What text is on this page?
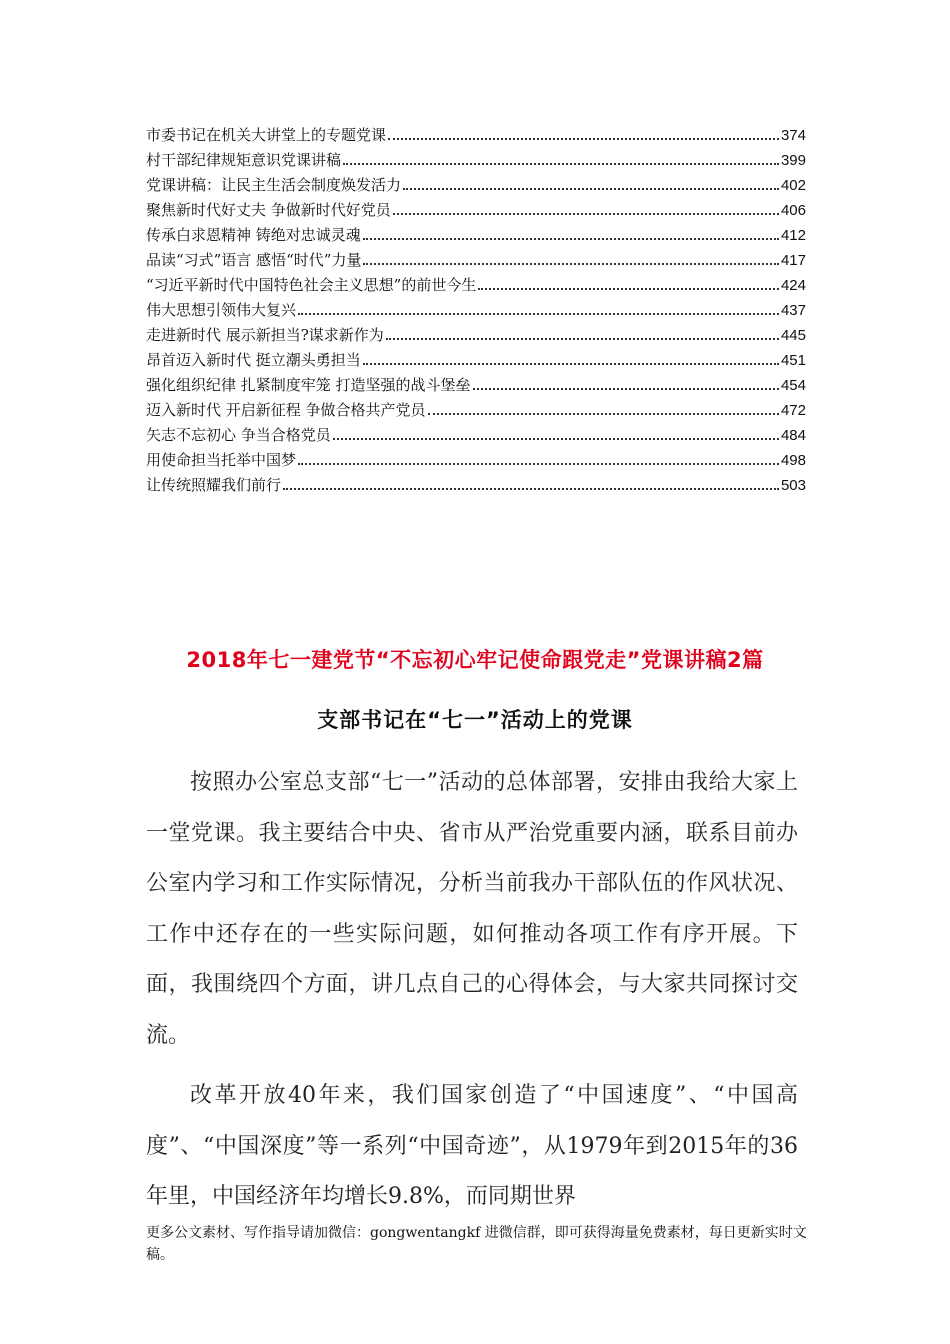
市委书记在机关大讲堂上的专题党课	374
村干部纪律规矩意识党课讲稿	399
党课讲稿：让民主生活会制度焕发活力	402
聚焦新时代好丈夫 争做新时代好党员	406
传承白求恩精神 铸绝对忠诚灵魂	412
品读“习式”语言 感悟“时代”力量	417
“习近平新时代中国特色社会主义思想”的前世今生	424
伟大思想引领伟大复兴	437
走进新时代 展示新担当?谋求新作为	445
昂首迈入新时代 挺立潮头勇担当	451
强化组织纪律 扎紧制度牢笼 打造坚强的战斗堡垒	454
迈入新时代 开启新征程 争做合格共产党员	472
矢志不忘初心 争当合格党员	484
用使命担当托举中国梦	498
让传统照耀我们前行	503
2018年七一建党节“不忘初心牢记使命跟党走”党课讲稿2篇
支部书记在“七一”活动上的党课

按照办公室总支部“七一”活动的总体部署，安排由我给大家上一堂党课。我主要结合中央、省市从严治党重要内涵，联系目前办公室内学习和工作实际情况，分析当前我办干部队伍的作风状况、工作中还存在的一些实际问题，如何推动各项工作有序开展。下面，我围绕四个方面，讲几点自己的心得体会，与大家共同探讨交流。

改革开放40年来，我们国家创造了“中国速度”、“中国高度”、“中国深度”等一系列“中国奇迹”，从1979年到2015年的36年里，中国经济年均增长9.8%，而同期世界

更多公文素材、写作指导请加微信：gongwentangkf 进微信群，即可获得海量免费素材，每日更新实时文稿。
